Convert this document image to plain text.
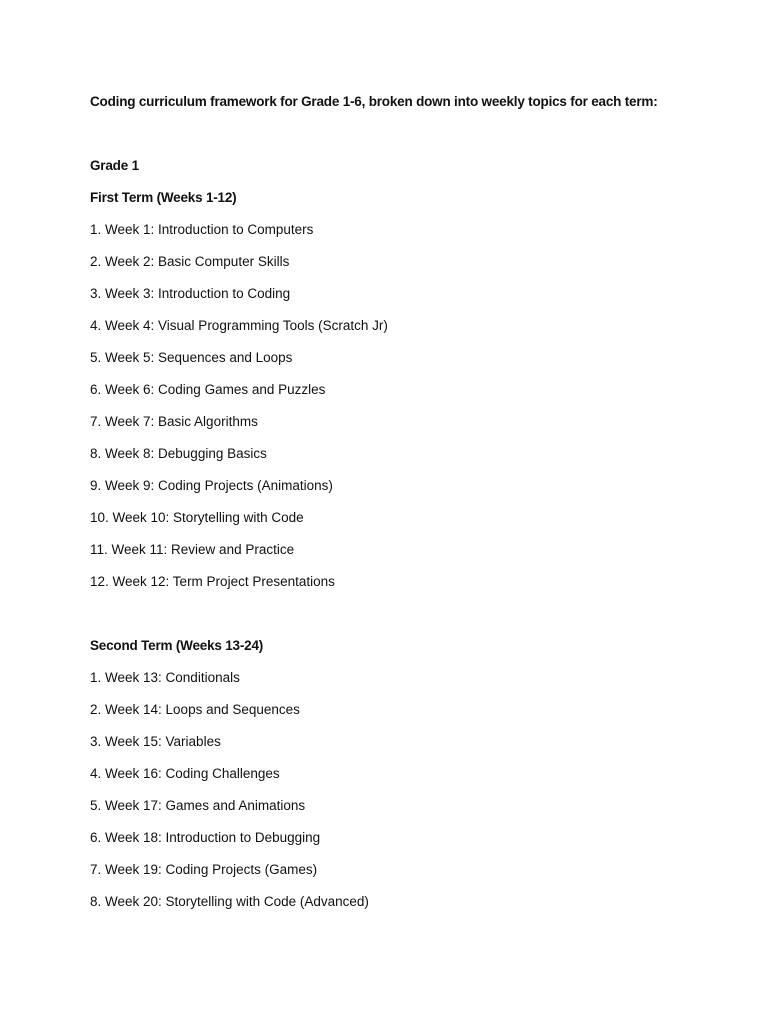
Coding curriculum framework for Grade 1-6, broken down into weekly topics for each term:
Grade 1
First Term (Weeks 1-12)
1. Week 1: Introduction to Computers
2. Week 2: Basic Computer Skills
3. Week 3: Introduction to Coding
4. Week 4: Visual Programming Tools (Scratch Jr)
5. Week 5: Sequences and Loops
6. Week 6: Coding Games and Puzzles
7. Week 7: Basic Algorithms
8. Week 8: Debugging Basics
9. Week 9: Coding Projects (Animations)
10. Week 10: Storytelling with Code
11. Week 11: Review and Practice
12. Week 12: Term Project Presentations
Second Term (Weeks 13-24)
1. Week 13: Conditionals
2. Week 14: Loops and Sequences
3. Week 15: Variables
4. Week 16: Coding Challenges
5. Week 17: Games and Animations
6. Week 18: Introduction to Debugging
7. Week 19: Coding Projects (Games)
8. Week 20: Storytelling with Code (Advanced)
